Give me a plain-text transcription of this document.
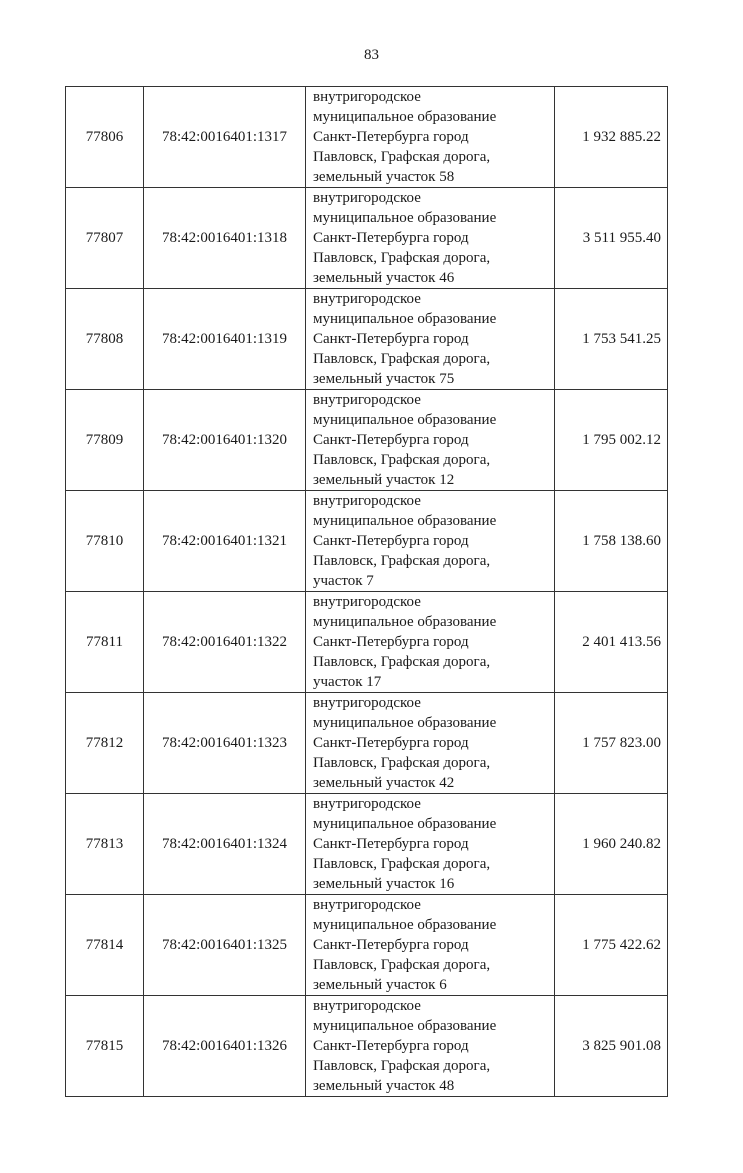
83
77806	78:42:0016401:1317	внутригородское
муниципальное образование
Санкт-Петербурга город
Павловск, Графская дорога,
земельный участок 58	1 932 885.22
77807	78:42:0016401:1318	внутригородское
муниципальное образование
Санкт-Петербурга город
Павловск, Графская дорога,
земельный участок 46	3 511 955.40
77808	78:42:0016401:1319	внутригородское
муниципальное образование
Санкт-Петербурга город
Павловск, Графская дорога,
земельный участок 75	1 753 541.25
77809	78:42:0016401:1320	внутригородское
муниципальное образование
Санкт-Петербурга город
Павловск, Графская дорога,
земельный участок 12	1 795 002.12
77810	78:42:0016401:1321	внутригородское
муниципальное образование
Санкт-Петербурга город
Павловск, Графская дорога,
участок 7	1 758 138.60
77811	78:42:0016401:1322	внутригородское
муниципальное образование
Санкт-Петербурга город
Павловск, Графская дорога,
участок 17	2 401 413.56
77812	78:42:0016401:1323	внутригородское
муниципальное образование
Санкт-Петербурга город
Павловск, Графская дорога,
земельный участок 42	1 757 823.00
77813	78:42:0016401:1324	внутригородское
муниципальное образование
Санкт-Петербурга город
Павловск, Графская дорога,
земельный участок 16	1 960 240.82
77814	78:42:0016401:1325	внутригородское
муниципальное образование
Санкт-Петербурга город
Павловск, Графская дорога,
земельный участок 6	1 775 422.62
77815	78:42:0016401:1326	внутригородское
муниципальное образование
Санкт-Петербурга город
Павловск, Графская дорога,
земельный участок 48	3 825 901.08
